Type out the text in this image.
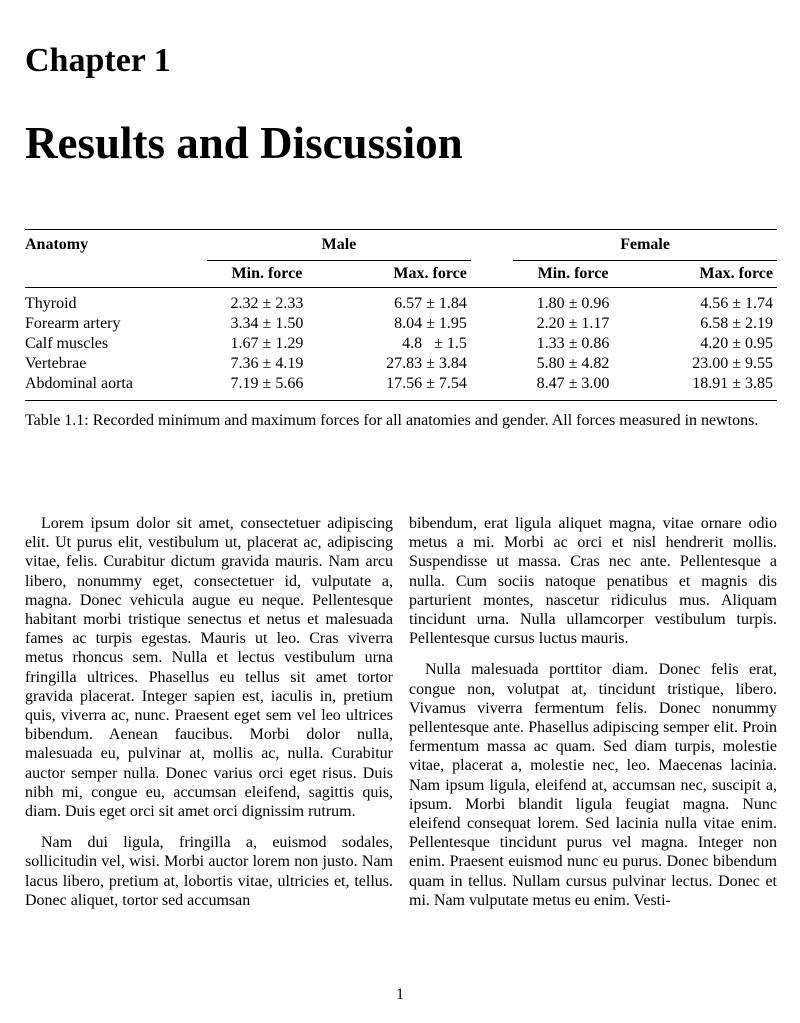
Chapter 1
Results and Discussion
Anatomy		Male			Female	
		Min. force	Max. force		Min. force	Max. force
Thyroid		2.32 ± 2.33	6.57 ± 1.84		1.80 ± 0.96	4.56 ± 1.74
Forearm artery		3.34 ± 1.50	8.04 ± 1.95		2.20 ± 1.17	6.58 ± 2.19
Calf muscles		1.67 ± 1.29	4.8   ± 1.5		1.33 ± 0.86	4.20 ± 0.95
Vertebrae		7.36 ± 4.19	27.83 ± 3.84		5.80 ± 4.82	23.00 ± 9.55
Abdominal aorta		7.19 ± 5.66	17.56 ± 7.54		8.47 ± 3.00	18.91 ± 3.85

Table 1.1: Recorded minimum and maximum forces for all anatomies and gender. All forces measured in newtons.

Lorem ipsum dolor sit amet, consectetuer adipiscing elit. Ut purus elit, vestibulum ut, placerat ac, adipiscing vitae, felis. Curabitur dictum gravida mauris. Nam arcu libero, nonummy eget, consectetuer id, vulputate a, magna. Donec vehicula augue eu neque. Pellentesque habitant morbi tristique senectus et netus et malesuada fames ac turpis egestas. Mauris ut leo. Cras viverra metus rhoncus sem. Nulla et lectus vestibulum urna fringilla ultrices. Phasellus eu tellus sit amet tortor gravida placerat. Integer sapien est, iaculis in, pretium quis, viverra ac, nunc. Praesent eget sem vel leo ultrices bibendum. Aenean faucibus. Morbi dolor nulla, malesuada eu, pulvinar at, mollis ac, nulla. Curabitur auctor semper nulla. Donec varius orci eget risus. Duis nibh mi, congue eu, accumsan eleifend, sagittis quis, diam. Duis eget orci sit amet orci dignissim rutrum.

Nam dui ligula, fringilla a, euismod sodales, sollicitudin vel, wisi. Morbi auctor lorem non justo. Nam lacus libero, pretium at, lobortis vitae, ultricies et, tellus. Donec aliquet, tortor sed accumsan

bibendum, erat ligula aliquet magna, vitae ornare odio metus a mi. Morbi ac orci et nisl hendrerit mollis. Suspendisse ut massa. Cras nec ante. Pellentesque a nulla. Cum sociis natoque penatibus et magnis dis parturient montes, nascetur ridiculus mus. Aliquam tincidunt urna. Nulla ullamcorper vestibulum turpis. Pellentesque cursus luctus mauris.

Nulla malesuada porttitor diam. Donec felis erat, congue non, volutpat at, tincidunt tristique, libero. Vivamus viverra fermentum felis. Donec nonummy pellentesque ante. Phasellus adipiscing semper elit. Proin fermentum massa ac quam. Sed diam turpis, molestie vitae, placerat a, molestie nec, leo. Maecenas lacinia. Nam ipsum ligula, eleifend at, accumsan nec, suscipit a, ipsum. Morbi blandit ligula feugiat magna. Nunc eleifend consequat lorem. Sed lacinia nulla vitae enim. Pellentesque tincidunt purus vel magna. Integer non enim. Praesent euismod nunc eu purus. Donec bibendum quam in tellus. Nullam cursus pulvinar lectus. Donec et mi. Nam vulputate metus eu enim. Vesti-

1
